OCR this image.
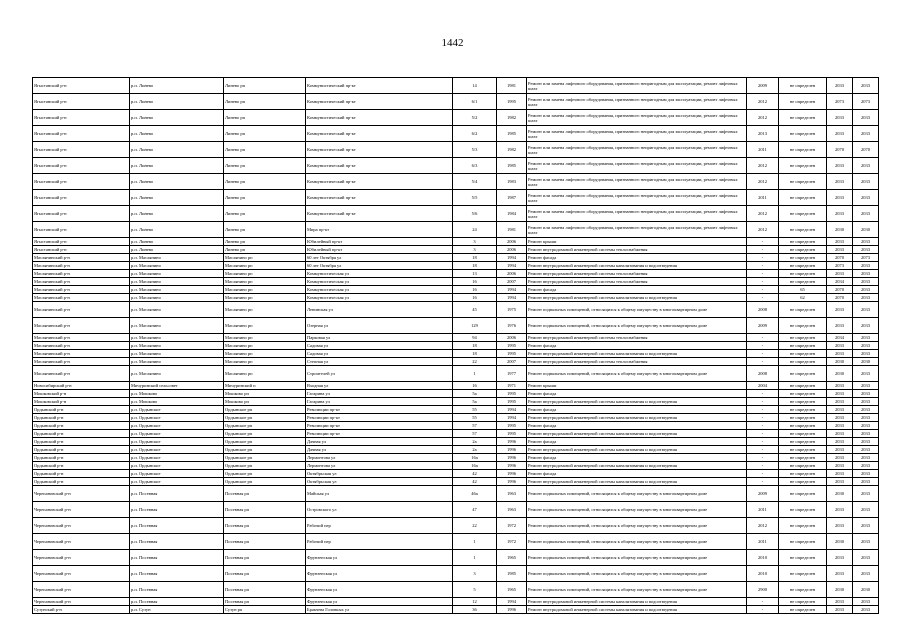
1442
Ягыстанский р-н	р.п. Линево	Линево рп	Коммунистический пр-кт	14	1981	Ремонт или замена лифтового оборудования, признанного непригодным для эксплуатации, ремонт лифтовых шахт	2009	не определен	2033	2033
Ягыстанский р-н	р.п. Линево	Линево рп	Коммунистический пр-кт	6/1	1995	Ремонт или замена лифтового оборудования, признанного непригодным для эксплуатации, ремонт лифтовых шахт	2012	не определен	2073	2073
Ягыстанский р-н	р.п. Линево	Линево рп	Коммунистический пр-кт	5/2	1982	Ремонт или замена лифтового оборудования, признанного непригодным для эксплуатации, ремонт лифтовых шахт	2012	не определен	2033	2033
Ягыстанский р-н	р.п. Линево	Линево рп	Коммунистический пр-кт	6/2	1985	Ремонт или замена лифтового оборудования, признанного непригодным для эксплуатации, ремонт лифтовых шахт	2013	не определен	2033	2033
Ягыстанский р-н	р.п. Линево	Линево рп	Коммунистический пр-кт	5/3	1982	Ремонт или замена лифтового оборудования, признанного непригодным для эксплуатации, ремонт лифтовых шахт	2011	не определен	2070	2070
Ягыстанский р-н	р.п. Линево	Линево рп	Коммунистический пр-кт	6/3	1985	Ремонт или замена лифтового оборудования, признанного непригодным для эксплуатации, ремонт лифтовых шахт	2012	не определен	2033	2033
Ягыстанский р-н	р.п. Линево	Линево рп	Коммунистический пр-кт	5/4	1983	Ремонт или замена лифтового оборудования, признанного непригодным для эксплуатации, ремонт лифтовых шахт	2012	не определен	2033	2033
Ягыстанский р-н	р.п. Линево	Линево рп	Коммунистический пр-кт	5/5	1987	Ремонт или замена лифтового оборудования, признанного непригодным для эксплуатации, ремонт лифтовых шахт	2011	не определен	2033	2033
Ягыстанский р-н	р.п. Линево	Линево рп	Коммунистический пр-кт	5/6	1984	Ремонт или замена лифтового оборудования, признанного непригодным для эксплуатации, ремонт лифтовых шахт	2012	не определен	2033	2033
Ягыстанский р-н	р.п. Линево	Линево рп	Мира пр-кт	24	1981	Ремонт или замена лифтового оборудования, признанного непригодным для эксплуатации, ремонт лифтовых шахт	2012	не определен	2030	2030
Ягыстанский р-н	р.п. Линево	Линево рп	Юбилейный пр-кт	3	2006	Ремонт крыши	-	не определен	2033	2033
Ягыстанский р-н	р.п. Линево	Линево рп	Юбилейный пр-кт	3	2006	Ремонт внутридомовой инженерной системы теплоснабжения	-	не определен	2033	2033
Маслянинский р-н	р.п. Маслянино	Маслянино рп	60 лет Октября ул	18	1994	Ремонт фасада	-	не определен	2070	2073
Маслянинский р-н	р.п. Маслянино	Маслянино рп	60 лет Октября ул	18	1994	Ремонт внутридомовой инженерной системы канализования и водоотведения	-	не определен	2073	2033
Маслянинский р-н	р.п. Маслянино	Маслянино рп	Коммунистическая ул	13	2006	Ремонт внутридомовой инженерной системы теплоснабжения	-	не определен	2033	2033
Маслянинский р-н	р.п. Маслянино	Маслянино рп	Коммунистическая ул	16	2007	Ремонт внутридомовой инженерной системы теплоснабжения	-	не определен	2034	2033
Маслянинский р-н	р.п. Маслянино	Маслянино рп	Коммунистическая ул	16	1994	Ремонт фасада	-	65	2070	2033
Маслянинский р-н	р.п. Маслянино	Маслянино рп	Коммунистическая ул	16	1994	Ремонт внутридомовой инженерной системы канализования и водоотведения	-	62	2070	2033
Маслянинский р-н	р.п. Маслянино	Маслянино рп	Ленинская ул	45	1975	Ремонт подвальных помещений, относящихся к общему имуществу в многоквартирном доме	2008	не определен	2033	2033
Маслянинский р-н	р.п. Маслянино	Маслянино рп	Озерная ул	129	1976	Ремонт подвальных помещений, относящихся к общему имуществу в многоквартирном доме	2009	не определен	2033	2033
Маслянинский р-н	р.п. Маслянино	Маслянино рп	Парковая ул	94	2006	Ремонт внутридомовой инженерной системы теплоснабжения	-	не определен	2034	2033
Маслянинский р-н	р.п. Маслянино	Маслянино рп	Садовая ул	18	1995	Ремонт фасада	-	не определен	2033	2033
Маслянинский р-н	р.п. Маслянино	Маслянино рп	Садовая ул	18	1995	Ремонт внутридомовой инженерной системы канализования и водоотведения	-	не определен	2033	2033
Маслянинский р-н	р.п. Маслянино	Маслянино рп	Степная ул	22	2007	Ремонт внутридомовой инженерной системы теплоснабжения	-	не определен	2030	2030
Маслянинский р-н	р.п. Маслянино	Маслянино рп	Строителей ул	1	1977	Ремонт подвальных помещений, относящихся к общему имуществу в многоквартирном доме	2008	не определен	2030	2033
Новосибирский р-н	Мичуринский сельсовет	Мичуринский п	Входная ул	16	1971	Ремонт крыши	2004	не определен	2033	2033
Мошковский р-н	р.п. Мошково	Мошково рп	Гагарина ул	5а	1995	Ремонт фасада	-	не определен	2033	2033
Мошковский р-н	р.п. Мошково	Мошково рп	Гагарина ул	5а	1995	Ремонт внутридомовой инженерной системы канализования и водоотведения	-	не определен	2033	2033
Ордынский р-н	р.п. Ордынское	Ордынское рп	Революции пр-кт	55	1994	Ремонт фасада	-	не определен	2033	2033
Ордынский р-н	р.п. Ордынское	Ордынское рп	Революции пр-кт	55	1994	Ремонт внутридомовой инженерной системы канализования и водоотведения	-	не определен	2033	2033
Ордынский р-н	р.п. Ордынское	Ордынское рп	Революции пр-кт	57	1995	Ремонт фасада	-	не определен	2033	2033
Ордынский р-н	р.п. Ордынское	Ордынское рп	Революции пр-кт	57	1995	Ремонт внутридомовой инженерной системы канализования и водоотведения	-	не определен	2033	2033
Ордынский р-н	р.п. Ордынское	Ордынское рп	Дачная ул	2а	1996	Ремонт фасада	-	не определен	2033	2033
Ордынский р-н	р.п. Ордынское	Ордынское рп	Дачная ул	2а	1996	Ремонт внутридомовой инженерной системы канализования и водоотведения	-	не определен	2033	2033
Ордынский р-н	р.п. Ордынское	Ордынское рп	Лермонтова ул	16а	1996	Ремонт фасада	-	не определен	2033	2033
Ордынский р-н	р.п. Ордынское	Ордынское рп	Лермонтова ул	16а	1996	Ремонт внутридомовой инженерной системы канализования и водоотведения	-	не определен	2033	2033
Ордынский р-н	р.п. Ордынское	Ордынское рп	Октябрьская ул	42	1996	Ремонт фасада	-	не определен	2033	2033
Ордынский р-н	р.п. Ордынское	Ордынское рп	Октябрьская ул	42	1996	Ремонт внутридомовой инженерной системы канализования и водоотведения	-	не определен	2033	2033
Черепановский р-н	р.п. Посевная	Посевная рп	Майская ул	46а	1963	Ремонт подвальных помещений, относящихся к общему имуществу в многоквартирном доме	2009	не определен	2030	2033
Черепановский р-н	р.п. Посевная	Посевная рп	Островского ул	47	1963	Ремонт подвальных помещений, относящихся к общему имуществу в многоквартирном доме	2011	не определен	2033	2033
Черепановский р-н	р.п. Посевная	Посевная рп	Рабочий пер	22	1972	Ремонт подвальных помещений, относящихся к общему имуществу в многоквартирном доме	2012	не определен	2033	2033
Черепановский р-н	р.п. Посевная	Посевная рп	Рабочий пер	1	1972	Ремонт подвальных помещений, относящихся к общему имуществу в многоквартирном доме	2011	не определен	2030	2033
Черепановский р-н	р.п. Посевная	Посевная рп	Фрунзенская ул	1	1965	Ремонт подвальных помещений, относящихся к общему имуществу в многоквартирном доме	2010	не определен	2033	2033
Черепановский р-н	р.п. Посевная	Посевная рп	Фрунзенская ул	3	1985	Ремонт подвальных помещений, относящихся к общему имуществу в многоквартирном доме	2010	не определен	2033	2033
Черепановский р-н	р.п. Посевная	Посевная рп	Фрунзенская ул	5	1965	Ремонт подвальных помещений, относящихся к общему имуществу в многоквартирном доме	2900	не определен	2030	2030
Черепановский р-н	р.п. Посевная	Посевная рп	Фрунзенская ул	12	1994	Ремонт внутридомовой инженерной системы канализования и водоотведения	-	не определен	2033	2033
Сузунский р-н	р.п. Сузун	Сузун рп	Бракчева Головкых ул	36	1996	Ремонт внутридомовой инженерной системы канализования и водоотведения	-	не определен	2033	2033
